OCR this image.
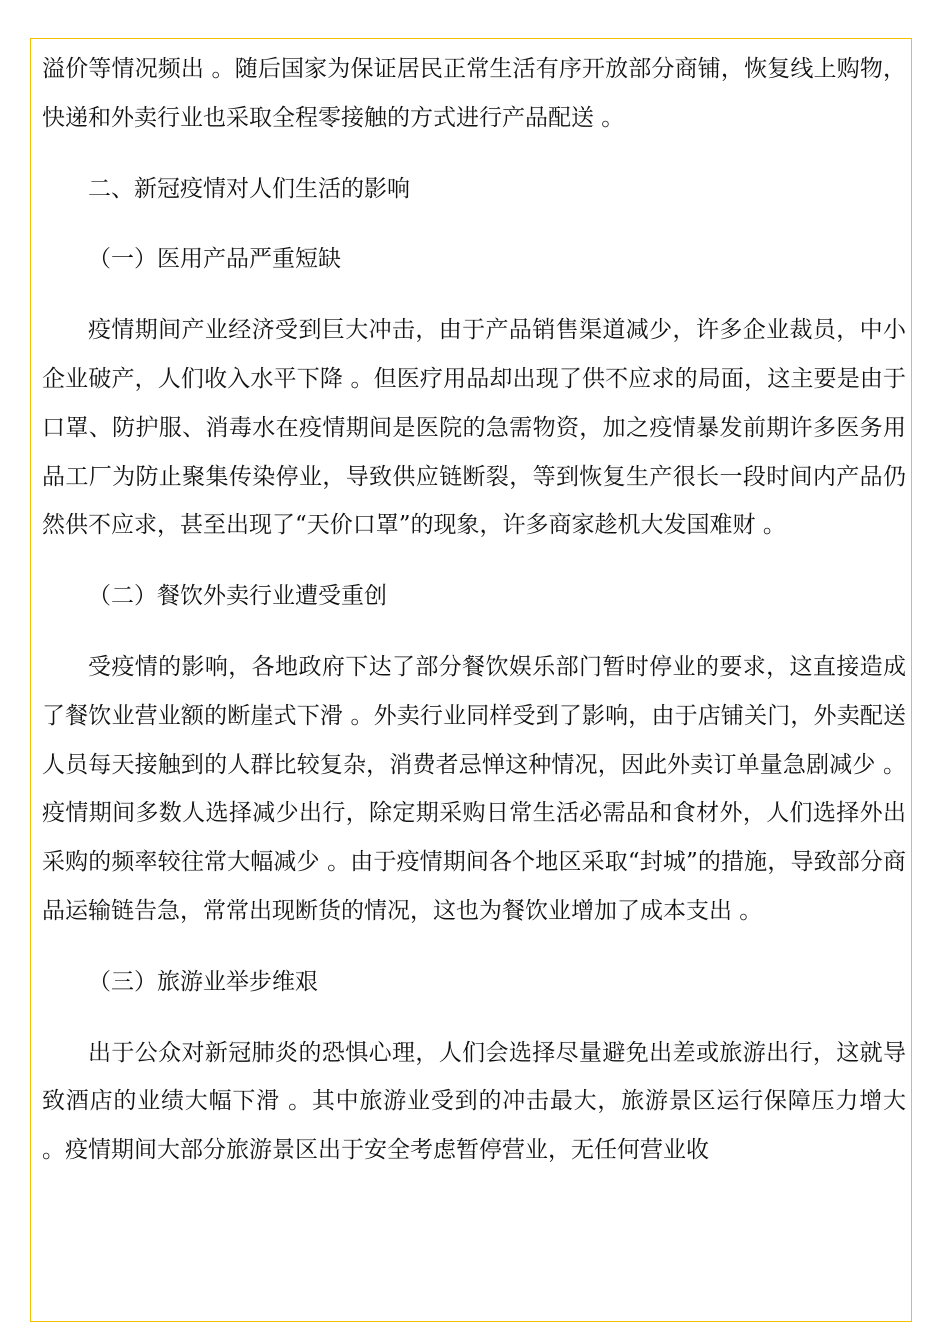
溢价等情况频出 。随后国家为保证居民正常生活有序开放部分商铺，恢复线上购物，快递和外卖行业也采取全程零接触的方式进行产品配送 。

二、新冠疫情对人们生活的影响

（一）医用产品严重短缺

疫情期间产业经济受到巨大冲击，由于产品销售渠道减少，许多企业裁员，中小企业破产，人们收入水平下降 。但医疗用品却出现了供不应求的局面，这主要是由于口罩、防护服、消毒水在疫情期间是医院的急需物资，加之疫情暴发前期许多医务用品工厂为防止聚集传染停业，导致供应链断裂，等到恢复生产很长一段时间内产品仍然供不应求，甚至出现了“天价口罩”的现象，许多商家趁机大发国难财 。

（二）餐饮外卖行业遭受重创

受疫情的影响，各地政府下达了部分餐饮娱乐部门暂时停业的要求，这直接造成了餐饮业营业额的断崖式下滑 。外卖行业同样受到了影响，由于店铺关门，外卖配送人员每天接触到的人群比较复杂，消费者忌惮这种情况，因此外卖订单量急剧减少 。疫情期间多数人选择减少出行，除定期采购日常生活必需品和食材外，人们选择外出采购的频率较往常大幅减少 。由于疫情期间各个地区采取“封城”的措施，导致部分商品运输链告急，常常出现断货的情况，这也为餐饮业增加了成本支出 。

（三）旅游业举步维艰

出于公众对新冠肺炎的恐惧心理，人们会选择尽量避免出差或旅游出行，这就导致酒店的业绩大幅下滑 。其中旅游业受到的冲击最大，旅游景区运行保障压力增大 。疫情期间大部分旅游景区出于安全考虑暂停营业，无任何营业收
